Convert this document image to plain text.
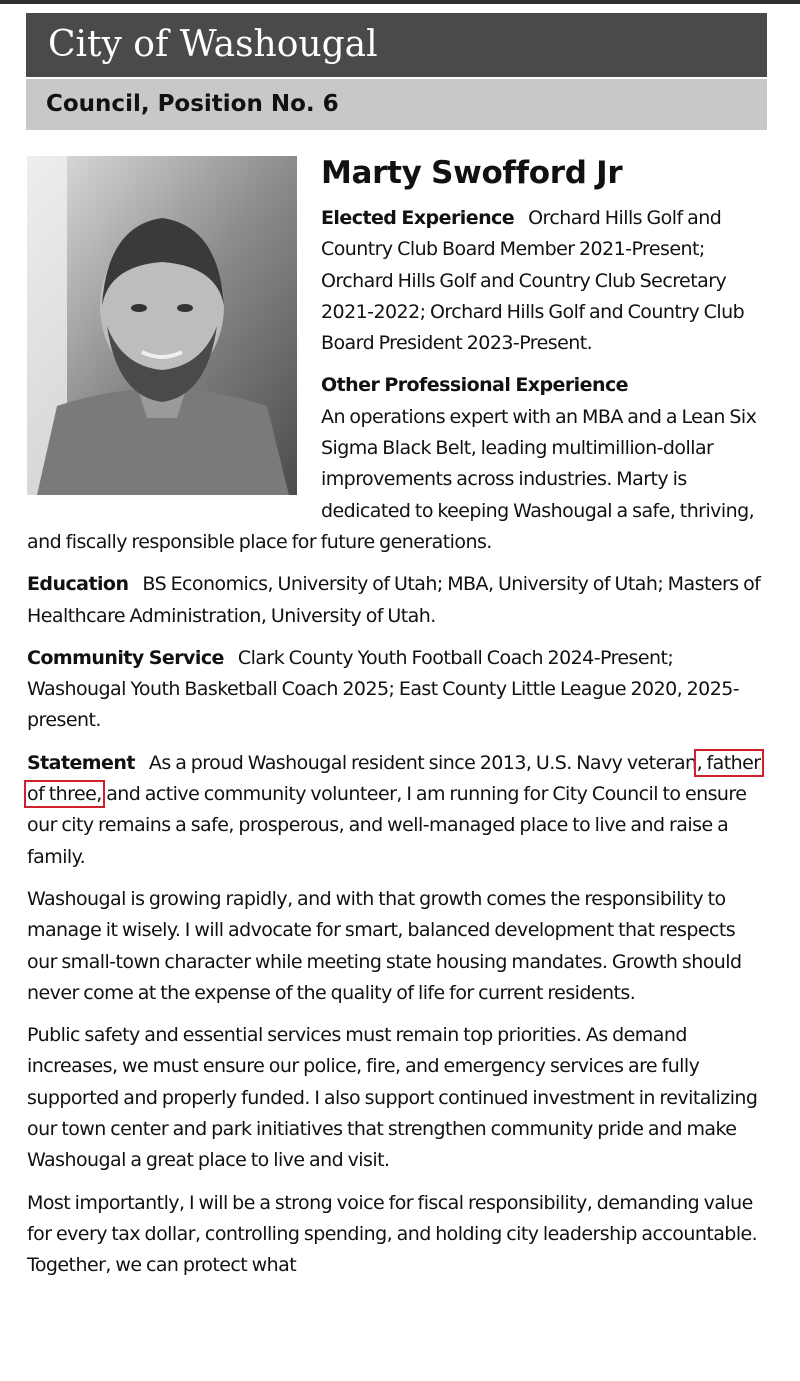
City of Washougal
Council, Position No. 6
Marty Swofford Jr

Elected Experience Orchard Hills Golf and Country Club Board Member 2021-Present; Orchard Hills Golf and Country Club Secretary 2021-2022; Orchard Hills Golf and Country Club Board President 2023-Present.

Other Professional Experience
An operations expert with an MBA and a Lean Six Sigma Black Belt, leading multimillion-dollar improvements across industries. Marty is dedicated to keeping Washougal a safe, thriving, and fiscally responsible place for future generations.

Education BS Economics, University of Utah; MBA, University of Utah; Masters of Healthcare Administration, University of Utah.

Community Service Clark County Youth Football Coach 2024-Present; Washougal Youth Basketball Coach 2025; East County Little League 2020, 2025-present.

Statement As a proud Washougal resident since 2013, U.S. Navy veteran, father of three, and active community volunteer, I am running for City Council to ensure our city remains a safe, prosperous, and well-managed place to live and raise a family.

Washougal is growing rapidly, and with that growth comes the responsibility to manage it wisely. I will advocate for smart, balanced development that respects our small-town character while meeting state housing mandates. Growth should never come at the expense of the quality of life for current residents.

Public safety and essential services must remain top priorities. As demand increases, we must ensure our police, fire, and emergency services are fully supported and properly funded. I also support continued investment in revitalizing our town center and park initiatives that strengthen community pride and make Washougal a great place to live and visit.

Most importantly, I will be a strong voice for fiscal responsibility, demanding value for every tax dollar, controlling spending, and holding city leadership accountable. Together, we can protect what
